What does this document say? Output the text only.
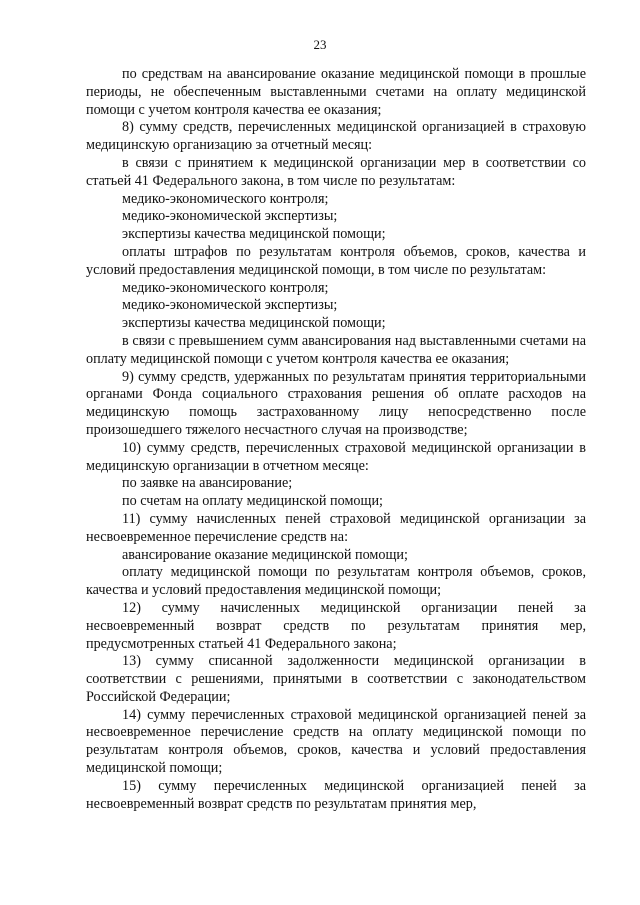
23

по средствам на авансирование оказание медицинской помощи в прошлые периоды, не обеспеченным выставленными счетами на оплату медицинской помощи с учетом контроля качества ее оказания;

8) сумму средств, перечисленных медицинской организацией в страховую медицинскую организацию за отчетный месяц:

в связи с принятием к медицинской организации мер в соответствии со статьей 41 Федерального закона, в том числе по результатам:

медико-экономического контроля;

медико-экономической экспертизы;

экспертизы качества медицинской помощи;

оплаты штрафов по результатам контроля объемов, сроков, качества и условий предоставления медицинской помощи, в том числе по результатам:

медико-экономического контроля;

медико-экономической экспертизы;

экспертизы качества медицинской помощи;

в связи с превышением сумм авансирования над выставленными счетами на оплату медицинской помощи с учетом контроля качества ее оказания;

9) сумму средств, удержанных по результатам принятия территориальными органами Фонда социального страхования решения об оплате расходов на медицинскую помощь застрахованному лицу непосредственно после произошедшего тяжелого несчастного случая на производстве;

10) сумму средств, перечисленных страховой медицинской организации в медицинскую организации в отчетном месяце:

по заявке на авансирование;

по счетам на оплату медицинской помощи;

11) сумму начисленных пеней страховой медицинской организации за несвоевременное перечисление средств на:

авансирование оказание медицинской помощи;

оплату медицинской помощи по результатам контроля объемов, сроков, качества и условий предоставления медицинской помощи;

12) сумму начисленных медицинской организации пеней за несвоевременный возврат средств по результатам принятия мер, предусмотренных статьей 41 Федерального закона;

13) сумму списанной задолженности медицинской организации в соответствии с решениями, принятыми в соответствии с законодательством Российской Федерации;

14) сумму перечисленных страховой медицинской организацией пеней за несвоевременное перечисление средств на оплату медицинской помощи по результатам контроля объемов, сроков, качества и условий предоставления медицинской помощи;

15) сумму перечисленных медицинской организацией пеней за несвоевременный возврат средств по результатам принятия мер,
